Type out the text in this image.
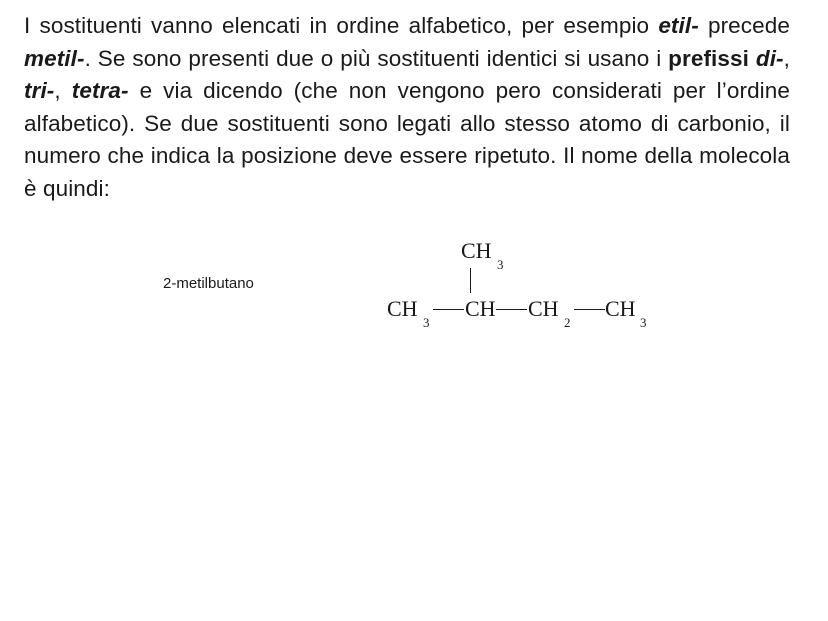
I sostituenti vanno elencati in ordine alfabetico, per esempio etil- precede metil-. Se sono presenti due o più sostituenti identici si usano i prefissi di-, tri-, tetra- e via dicendo (che non vengono pero considerati per l’ordine alfabetico). Se due sostituenti sono legati allo stesso atomo di carbonio, il numero che indica la posizione deve essere ripetuto. Il nome della molecola è quindi:

2-metilbutano
CH
3
CH
3
CH CH
2
CH
3
